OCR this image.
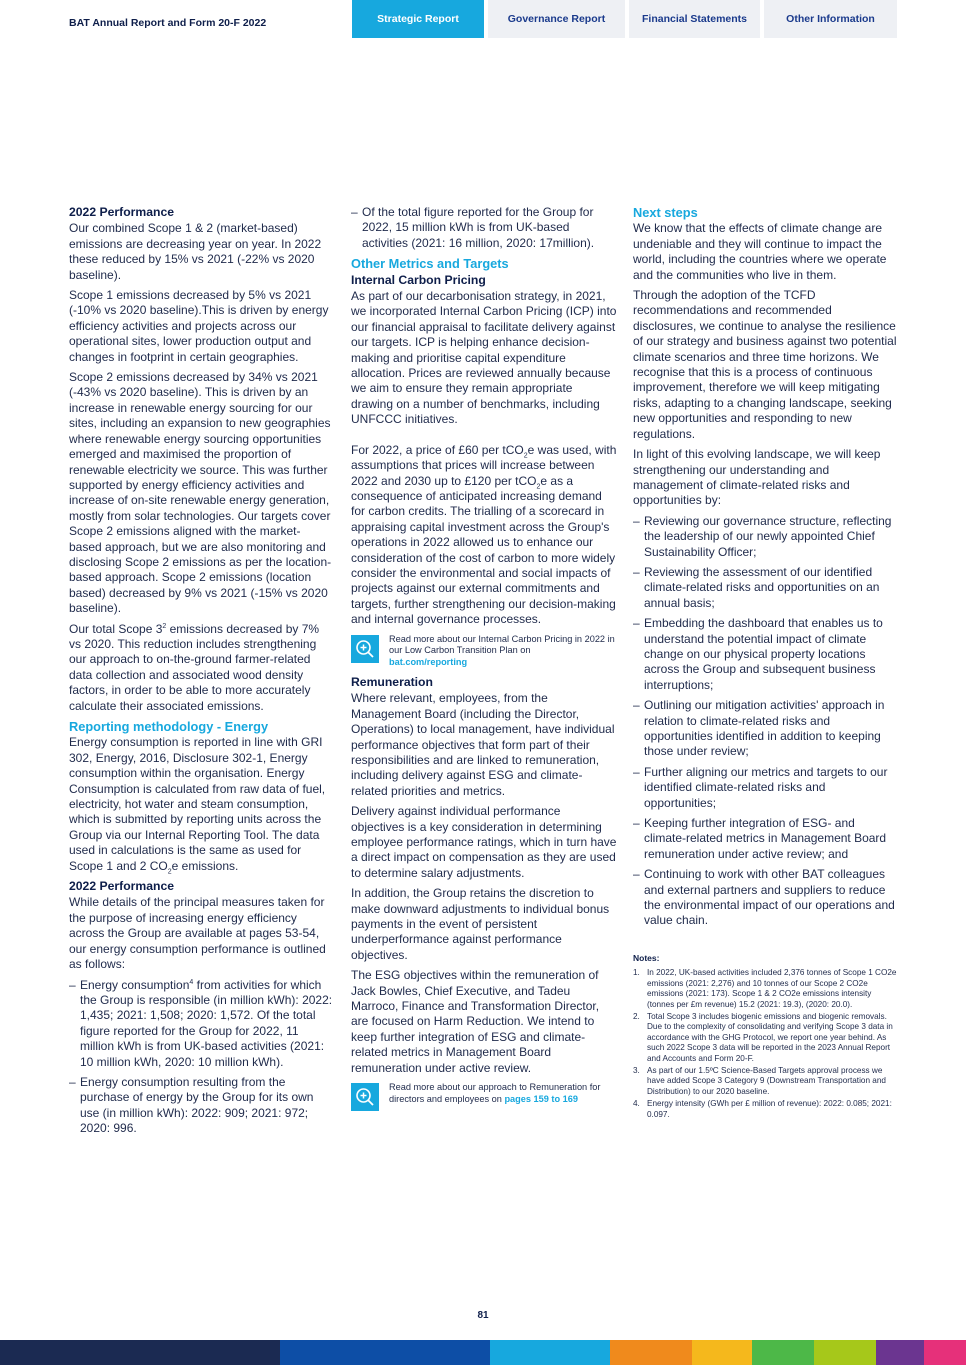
BAT Annual Report and Form 20-F 2022	Strategic Report	Governance Report	Financial Statements	Other Information
2022 Performance

Our combined Scope 1 & 2 (market-based) emissions are decreasing year on year. In 2022 these reduced by 15% vs 2021 (-22% vs 2020 baseline).

Scope 1 emissions decreased by 5% vs 2021 (-10% vs 2020 baseline).This is driven by energy efficiency activities and projects across our operational sites, lower production output and changes in footprint in certain geographies.

Scope 2 emissions decreased by 34% vs 2021 (-43% vs 2020 baseline). This is driven by an increase in renewable energy sourcing for our sites, including an expansion to new geographies where renewable energy sourcing opportunities emerged and maximised the proportion of renewable electricity we source. This was further supported by energy efficiency activities and increase of on-site renewable energy generation, mostly from solar technologies. Our targets cover Scope 2 emissions aligned with the market-based approach, but we are also monitoring and disclosing Scope 2 emissions as per the location-based approach. Scope 2 emissions (location based) decreased by 9% vs 2021 (-15% vs 2020 baseline).

Our total Scope $3^2$ emissions decreased by 7% vs 2020. This reduction includes strengthening our approach to on-the-ground farmer-related data collection and associated wood density factors, in order to be able to more accurately calculate their associated emissions.

Reporting methodology - Energy

Energy consumption is reported in line with GRI 302, Energy, 2016, Disclosure 302-1, Energy consumption within the organisation. Energy Consumption is calculated from raw data of fuel, electricity, hot water and steam consumption, which is submitted by reporting units across the Group via our Internal Reporting Tool. The data used in calculations is the same as used for Scope 1 and 2 $CO_2e$ emissions.

2022 Performance

While details of the principal measures taken for the purpose of increasing energy efficiency across the Group are available at pages 53-54, our energy consumption performance is outlined as follows:

– Energy consumption$^4$ from activities for which the Group is responsible (in million kWh): 2022: 1,435; 2021: 1,508; 2020: 1,572. Of the total figure reported for the Group for 2022, 11 million kWh is from UK-based activities (2021: 10 million kWh, 2020: 10 million kWh).
– Energy consumption resulting from the purchase of energy by the Group for its own use (in million kWh): 2022: 909; 2021: 972; 2020: 996.
– Of the total figure reported for the Group for 2022, 15 million kWh is from UK-based activities (2021: 16 million, 2020: 17million).
Other Metrics and Targets
Internal Carbon Pricing

As part of our decarbonisation strategy, in 2021, we incorporated Internal Carbon Pricing (ICP) into our financial appraisal to facilitate delivery against our targets. ICP is helping enhance decision-making and prioritise capital expenditure allocation. Prices are reviewed annually because we aim to ensure they remain appropriate drawing on a number of benchmarks, including UNFCCC initiatives.

For 2022, a price of £60 per tCO$_2$e was used, with assumptions that prices will increase between 2022 and 2030 up to £120 per tCO$_2$e as a consequence of anticipated increasing demand for carbon credits. The trialling of a scorecard in appraising capital investment across the Group's operations in 2022 allowed us to enhance our consideration of the cost of carbon to more widely consider the environmental and social impacts of projects against our external commitments and targets, further strengthening our decision-making and internal governance processes.

Read more about our Internal Carbon Pricing in 2022 in our Low Carbon Transition Plan on
bat.com/reporting
Remuneration

Where relevant, employees, from the Management Board (including the Director, Operations) to local management, have individual performance objectives that form part of their responsibilities and are linked to remuneration, including delivery against ESG and climate-related priorities and metrics.

Delivery against individual performance objectives is a key consideration in determining employee performance ratings, which in turn have a direct impact on compensation as they are used to determine salary adjustments.

In addition, the Group retains the discretion to make downward adjustments to individual bonus payments in the event of persistent underperformance against performance objectives.

The ESG objectives within the remuneration of Jack Bowles, Chief Executive, and Tadeu Marroco, Finance and Transformation Director, are focused on Harm Reduction. We intend to keep further integration of ESG and climate-related metrics in Management Board remuneration under active review.

Read more about our approach to Remuneration for directors and employees on pages 159 to 169
Next steps

We know that the effects of climate change are undeniable and they will continue to impact the world, including the countries where we operate and the communities who live in them.

Through the adoption of the TCFD recommendations and recommended disclosures, we continue to analyse the resilience of our strategy and business against two potential climate scenarios and three time horizons. We recognise that this is a process of continuous improvement, therefore we will keep mitigating risks, adapting to a changing landscape, seeking new opportunities and responding to new regulations.

In light of this evolving landscape, we will keep strengthening our understanding and management of climate-related risks and opportunities by:

– Reviewing our governance structure, reflecting the leadership of our newly appointed Chief Sustainability Officer;
– Reviewing the assessment of our identified climate-related risks and opportunities on an annual basis;
– Embedding the dashboard that enables us to understand the potential impact of climate change on our physical property locations across the Group and subsequent business interruptions;
– Outlining our mitigation activities' approach in relation to climate-related risks and opportunities identified in addition to keeping those under review;
– Further aligning our metrics and targets to our identified climate-related risks and opportunities;
– Keeping further integration of ESG- and climate-related metrics in Management Board remuneration under active review; and
– Continuing to work with other BAT colleagues and external partners and suppliers to reduce the environmental impact of our operations and value chain.
Notes:
1. In 2022, UK-based activities included 2,376 tonnes of Scope 1 CO2e emissions (2021: 2,276) and 10 tonnes of our Scope 2 CO2e emissions (2021: 173). Scope 1 & 2 CO2e emissions intensity (tonnes per £m revenue) 15.2 (2021: 19.3), (2020: 20.0).
2. Total Scope 3 includes biogenic emissions and biogenic removals. Due to the complexity of consolidating and verifying Scope 3 data in accordance with the GHG Protocol, we report one year behind. As such 2022 Scope 3 data will be reported in the 2023 Annual Report and Accounts and Form 20-F.
3. As part of our 1.5ºC Science-Based Targets approval process we have added Scope 3 Category 9 (Downstream Transportation and Distribution) to our 2020 baseline.
4. Energy intensity (GWh per £ million of revenue): 2022: 0.085; 2021: 0.097.
81
